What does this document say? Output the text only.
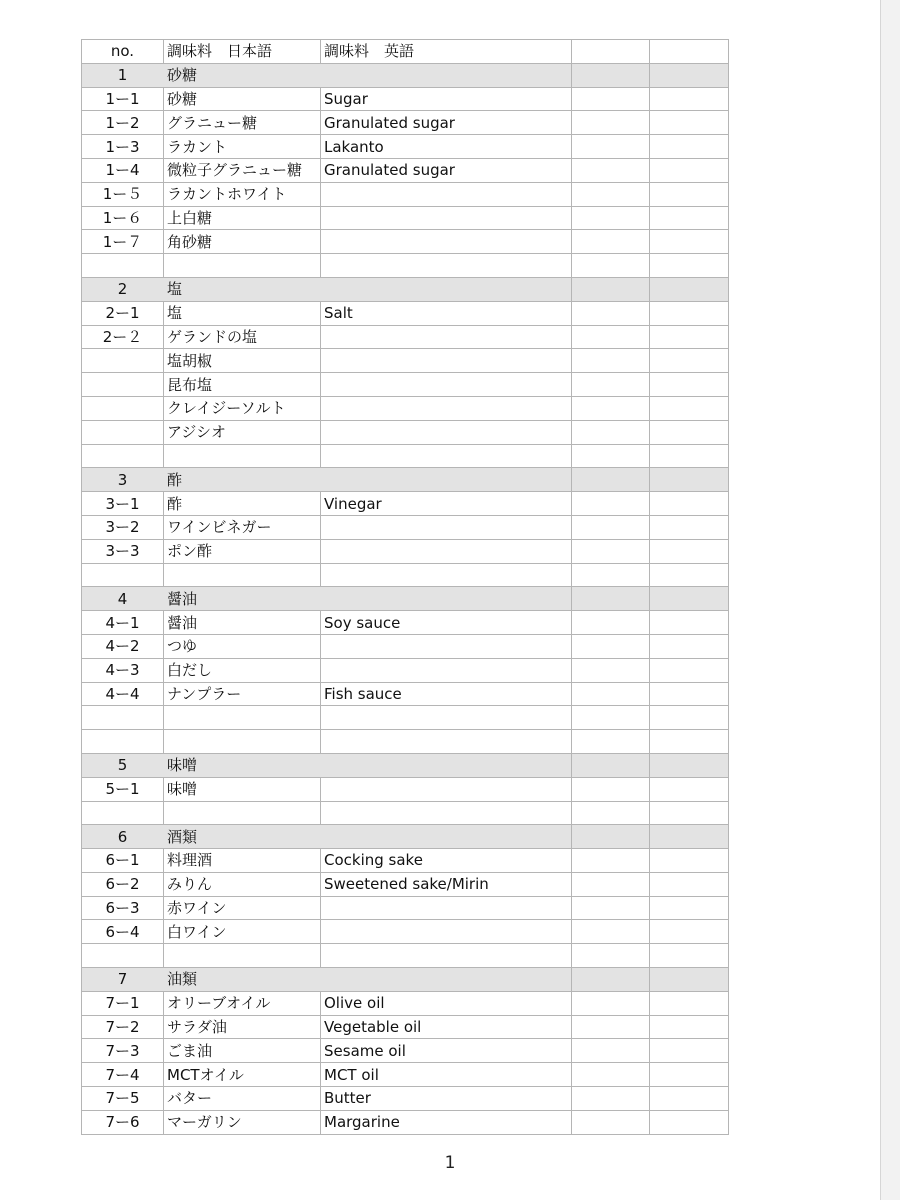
no.	調味料　日本語	調味料　英語		
1	砂糖			
1ー1	砂糖	Sugar		
1ー2	グラニュー糖	Granulated sugar		
1ー3	ラカント	Lakanto		
1ー4	微粒子グラニュー糖	Granulated sugar		
1ー５	ラカントホワイト			
1ー６	上白糖			
1ー７	角砂糖			

2	塩			
2ー1	塩	Salt		
2ー２	ゲランドの塩			
	塩胡椒			
	昆布塩			
	クレイジーソルト			
	アジシオ			

3	酢			
3ー1	酢	Vinegar		
3ー2	ワインビネガー			
3ー3	ポン酢			

4	醤油			
4ー1	醤油	Soy sauce		
4ー2	つゆ			
4ー3	白だし			
4ー4	ナンプラー	Fish sauce		

5	味噌			
5ー1	味噌			

6	酒類			
6ー1	料理酒	Cocking sake		
6ー2	みりん	Sweetened sake/Mirin		
6ー3	赤ワイン			
6ー4	白ワイン			

7	油類			
7ー1	オリーブオイル	Olive oil		
7ー2	サラダ油	Vegetable oil		
7ー3	ごま油	Sesame oil		
7ー4	MCTオイル	MCT oil		
7ー5	バター	Butter		
7ー6	マーガリン	Margarine		
1
